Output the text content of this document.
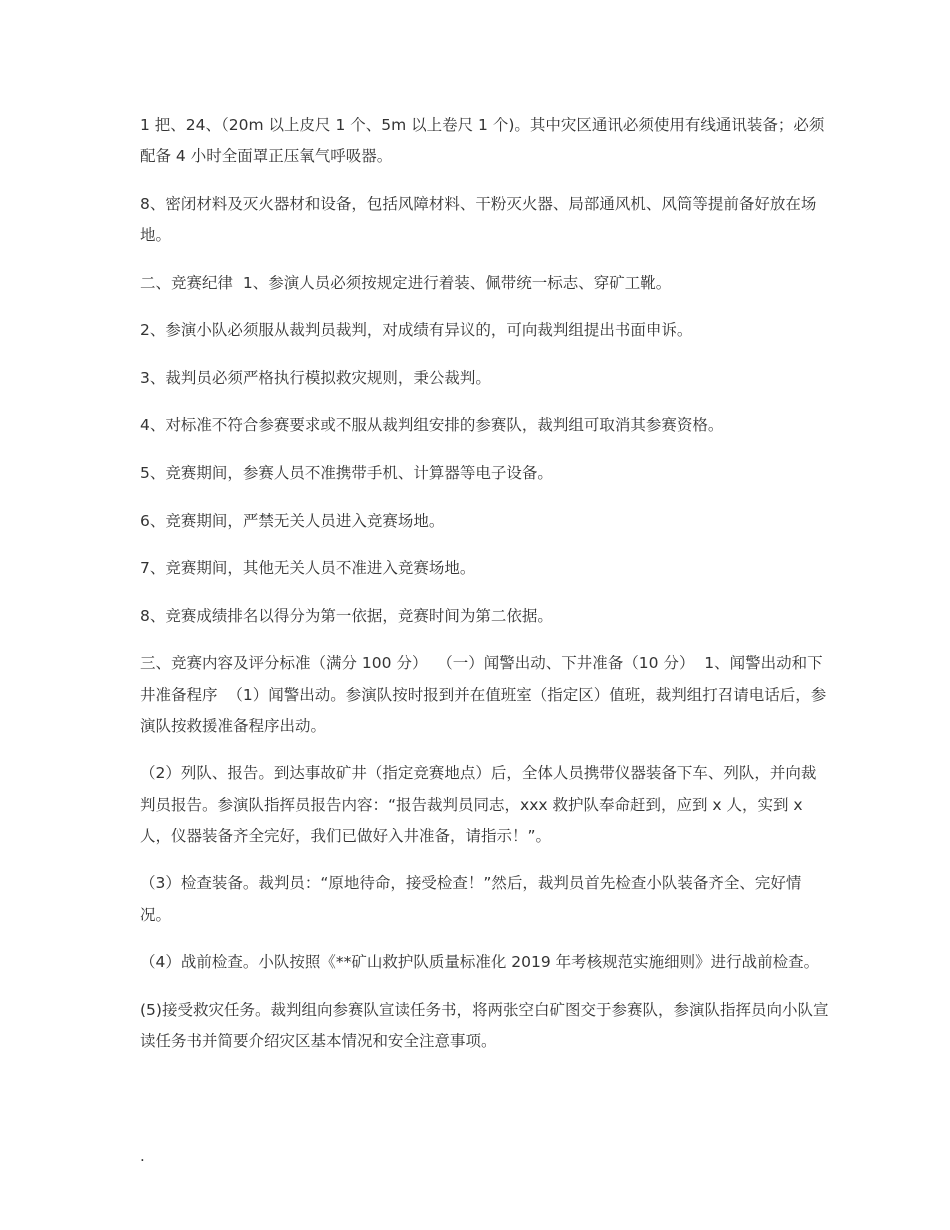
1 把、24、（20m 以上皮尺 1 个、5m 以上卷尺 1 个)。其中灾区通讯必须使用有线通讯装备；必须配备 4 小时全面罩正压氧气呼吸器。

8、密闭材料及灭火器材和设备，包括风障材料、干粉灭火器、局部通风机、风筒等提前备好放在场地。

二、竞赛纪律  1、参演人员必须按规定进行着装、佩带统一标志、穿矿工靴。

2、参演小队必须服从裁判员裁判，对成绩有异议的，可向裁判组提出书面申诉。

3、裁判员必须严格执行模拟救灾规则，秉公裁判。

4、对标准不符合参赛要求或不服从裁判组安排的参赛队，裁判组可取消其参赛资格。

5、竞赛期间，参赛人员不准携带手机、计算器等电子设备。

6、竞赛期间，严禁无关人员进入竞赛场地。

7、竞赛期间，其他无关人员不准进入竞赛场地。

8、竞赛成绩排名以得分为第一依据，竞赛时间为第二依据。

三、竞赛内容及评分标准（满分 100 分）  （一）闻警出动、下井准备（10 分）  1、闻警出动和下井准备程序  （1）闻警出动。参演队按时报到并在值班室（指定区）值班，裁判组打召请电话后，参演队按救援准备程序出动。

（2）列队、报告。到达事故矿井（指定竞赛地点）后，全体人员携带仪器装备下车、列队，并向裁判员报告。参演队指挥员报告内容：“报告裁判员同志，xxx 救护队奉命赶到，应到 x 人，实到 x 人，仪器装备齐全完好，我们已做好入井准备，请指示！”。

（3）检查装备。裁判员：“原地待命，接受检查！”然后，裁判员首先检查小队装备齐全、完好情况。

（4）战前检查。小队按照《**矿山救护队质量标准化 2019 年考核规范实施细则》进行战前检查。

(5)接受救灾任务。裁判组向参赛队宣读任务书，将两张空白矿图交于参赛队，参演队指挥员向小队宣读任务书并简要介绍灾区基本情况和安全注意事项。

.
